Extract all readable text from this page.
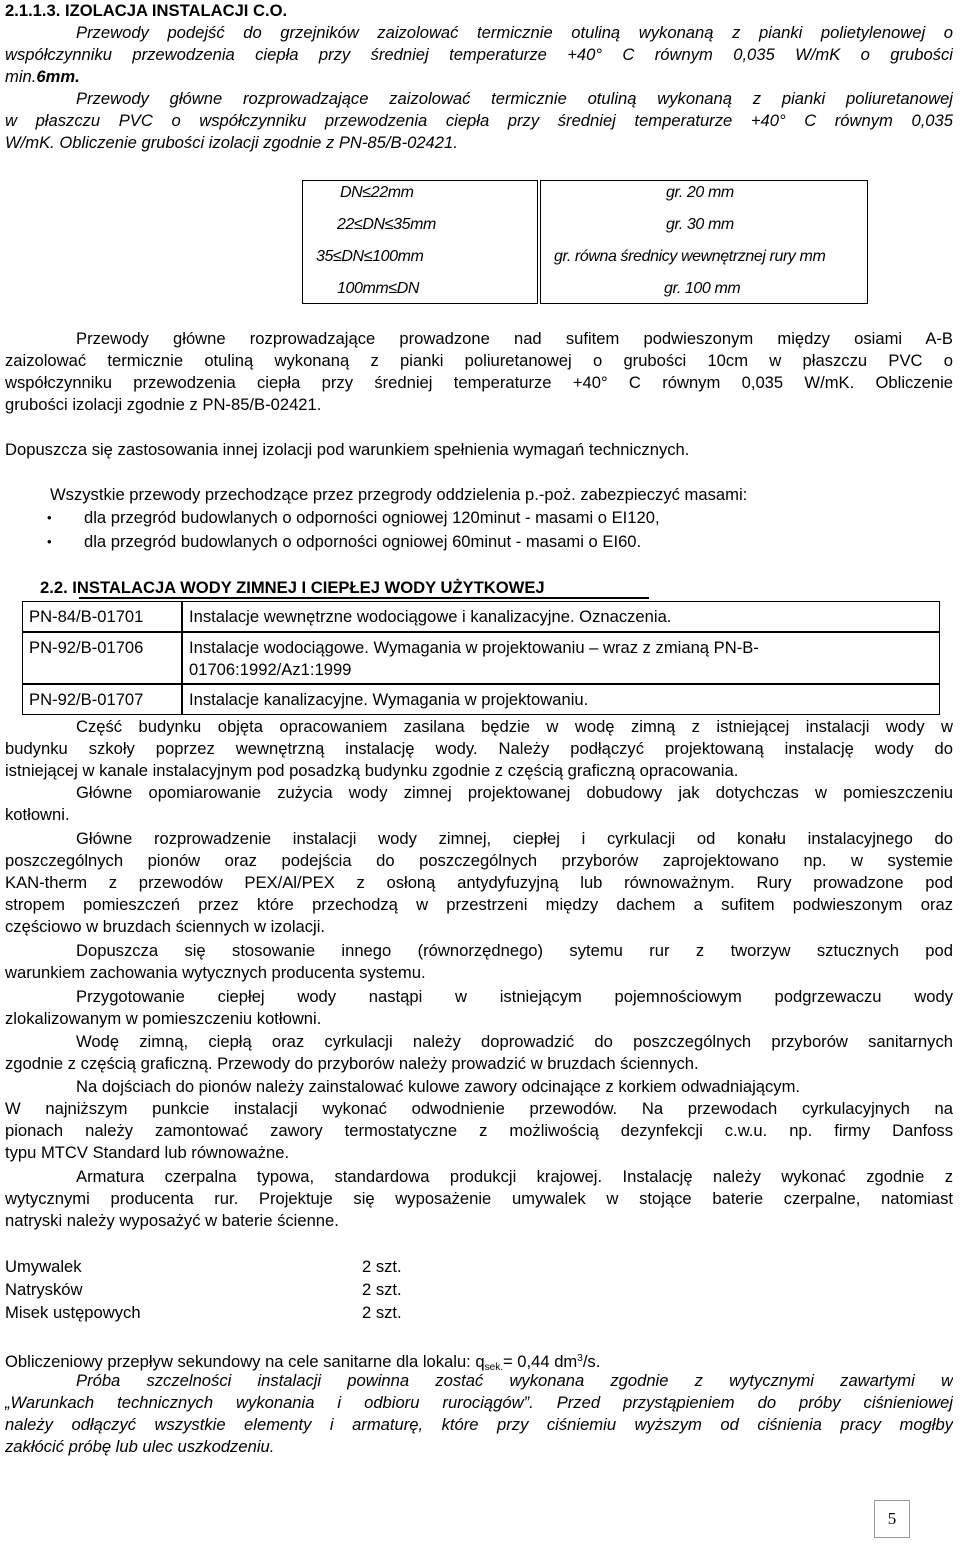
2.1.1.3. IZOLACJA INSTALACJI C.O.
Przewody podejść do grzejników zaizolować termicznie otuliną wykonaną z pianki polietylenowej o
współczynniku przewodzenia ciepła przy średniej temperaturze +40° C równym 0,035 W/mK o grubości
min.6mm.
Przewody główne rozprowadzające zaizolować termicznie otuliną wykonaną z pianki poliuretanowej
w płaszczu PVC o współczynniku przewodzenia ciepła przy średniej temperaturze +40° C równym 0,035
W/mK. Obliczenie grubości izolacji zgodnie z PN-85/B-02421.
DN≤22mm	gr. 20 mm
22≤DN≤35mm	gr. 30 mm
35≤DN≤100mm	gr. równa średnicy wewnętrznej rury mm
100mm≤DN	gr. 100 mm
Przewody główne rozprowadzające prowadzone nad sufitem podwieszonym między osiami A-B
zaizolować termicznie otuliną wykonaną z pianki poliuretanowej o grubości 10cm w płaszczu PVC o
współczynniku przewodzenia ciepła przy średniej temperaturze +40° C równym 0,035 W/mK. Obliczenie
grubości izolacji zgodnie z PN-85/B-02421.
Dopuszcza się zastosowania innej izolacji pod warunkiem spełnienia wymagań technicznych.
Wszystkie przewody przechodzące przez przegrody oddzielenia p.-poż. zabezpieczyć masami:
• dla przegród budowlanych o odporności ogniowej 120minut - masami o EI120,
• dla przegród budowlanych o odporności ogniowej 60minut - masami o EI60.
2.2. INSTALACJA WODY ZIMNEJ I CIEPŁEJ WODY UŻYTKOWEJ
PN-84/B-01701	Instalacje wewnętrzne wodociągowe i kanalizacyjne. Oznaczenia.
PN-92/B-01706	Instalacje wodociągowe. Wymagania w projektowaniu – wraz z zmianą PN-B-
01706:1992/Az1:1999
PN-92/B-01707	Instalacje kanalizacyjne. Wymagania w projektowaniu.
Część budynku objęta opracowaniem zasilana będzie w wodę zimną z istniejącej instalacji wody w
budynku szkoły poprzez wewnętrzną instalację wody. Należy podłączyć projektowaną instalację wody do
istniejącej w kanale instalacyjnym pod posadzką budynku zgodnie z częścią graficzną opracowania.
Główne opomiarowanie zużycia wody zimnej projektowanej dobudowy jak dotychczas w pomieszczeniu
kotłowni.
Główne rozprowadzenie instalacji wody zimnej, ciepłej i cyrkulacji od konału instalacyjnego do
poszczególnych pionów oraz podejścia do poszczególnych przyborów zaprojektowano np. w systemie
KAN-therm z przewodów PEX/Al/PEX z osłoną antydyfuzyjną lub równoważnym. Rury prowadzone pod
stropem pomieszczeń przez które przechodzą w przestrzeni między dachem a sufitem podwieszonym oraz
częściowo w bruzdach ściennych w izolacji.
Dopuszcza się stosowanie innego (równorzędnego) sytemu rur z tworzyw sztucznych pod
warunkiem zachowania wytycznych producenta systemu.
Przygotowanie ciepłej wody nastąpi w istniejącym pojemnościowym podgrzewaczu wody
zlokalizowanym w pomieszczeniu kotłowni.
Wodę zimną, ciepłą oraz cyrkulacji należy doprowadzić do poszczególnych przyborów sanitarnych
zgodnie z częścią graficzną. Przewody do przyborów należy prowadzić w bruzdach ściennych.
Na dojściach do pionów należy zainstalować kulowe zawory odcinające z korkiem odwadniającym.
W najniższym punkcie instalacji wykonać odwodnienie przewodów. Na przewodach cyrkulacyjnych na
pionach należy zamontować zawory termostatyczne z możliwością dezynfekcji c.w.u. np. firmy Danfoss
typu MTCV Standard lub równoważne.
Armatura czerpalna typowa, standardowa produkcji krajowej. Instalację należy wykonać zgodnie z
wytycznymi producenta rur. Projektuje się wyposażenie umywalek w stojące baterie czerpalne, natomiast
natryski należy wyposażyć w baterie ścienne.
Umywalek	2 szt.
Natrysków	2 szt.
Misek ustępowych	2 szt.
Obliczeniowy przepływ sekundowy na cele sanitarne dla lokalu: $q_{sek.}= 0,44$ $dm^3/s$.
Próba szczelności instalacji powinna zostać wykonana zgodnie z wytycznymi zawartymi w
„Warunkach technicznych wykonania i odbioru rurociągów”. Przed przystąpieniem do próby ciśnieniowej
należy odłączyć wszystkie elementy i armaturę, które przy ciśniemiu wyższym od ciśnienia pracy mogłby
zakłócić próbę lub ulec uszkodzeniu.
5
